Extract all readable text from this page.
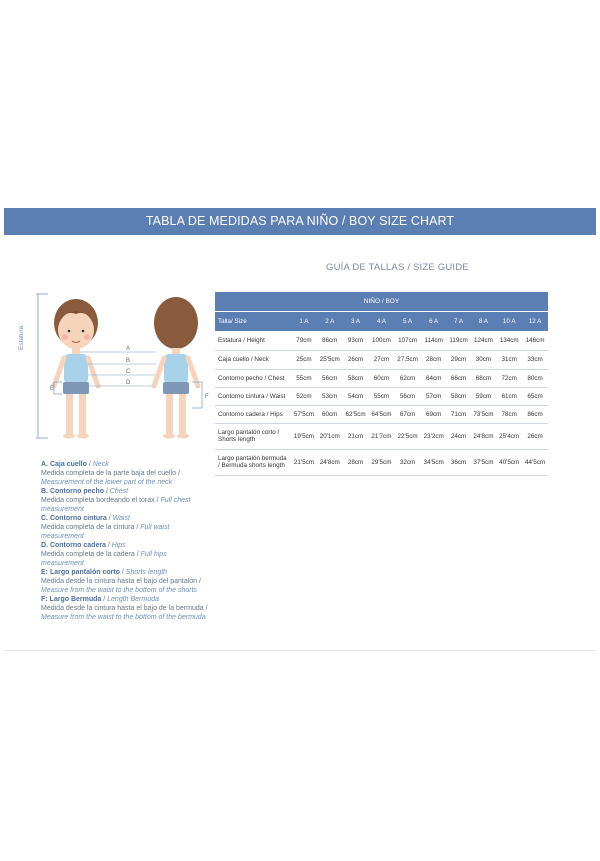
TABLA DE MEDIDAS PARA NIÑO / BOY SIZE CHART
GUÍA DE TALLAS / SIZE GUIDE
A
B
C
D
E
F
Estatura
A. Caja cuello / Neck
Medida completa de la parte baja del cuello / Measurement of the lower part of the neck
B. Contorno pecho / Chest
Medida completa bordeando el torax / Full chest measurement
C. Contorno cintura / Waist
Medida completa de la cintura / Full waist measurement
D. Contorno cadera / Hips
Medida completa de la cadera / Full hips measurement
E: Largo pantalón corto / Shorts length
Medida desde la cintura hasta el bajo del pantalón / Measure from the waist to the bottom of the shorts
F: Largo Bermuda / Length Bermuda
Medida desde la cintura hasta el bajo de la bermuda / Measure from the waist to the bottom of the bermuda
NIÑO / BOY										
Talla/ Size	1 A	2 A	3 A	4 A	5 A	6 A	7 A	8 A	10 A	12 A
Estatura / Height	79cm	86cm	93cm	100cm	107cm	114cm	119cm	124cm	134cm	146cm
Caja cuello / Neck	25cm	25'5cm	26cm	27cm	27,5cm	28cm	29cm	30cm	31cm	33cm
Contorno pecho / Chest	55cm	56cm	58cm	60cm	62cm	64cm	66cm	68cm	72cm	80cm
Contorno cintura / Waist	52cm	53cm	54cm	55cm	56cm	57cm	58cm	59cm	61cm	65cm
Contorno cadera / Hips	57'5cm	60cm	62'5cm	64'5cm	67cm	69cm	71cm	73'5cm	78cm	86cm
Largo pantalón corto / Shorts length	19'5cm	20'1cm	21cm	21'7cm	22'5cm	23'2cm	24cm	24'8cm	25'4cm	26cm
Largo pantalón bermuda / Bermuda shorts length	21'5cm	24'8cm	28cm	29'5cm	32cm	34'5cm	36cm	37'5cm	40'5cm	44'5cm
